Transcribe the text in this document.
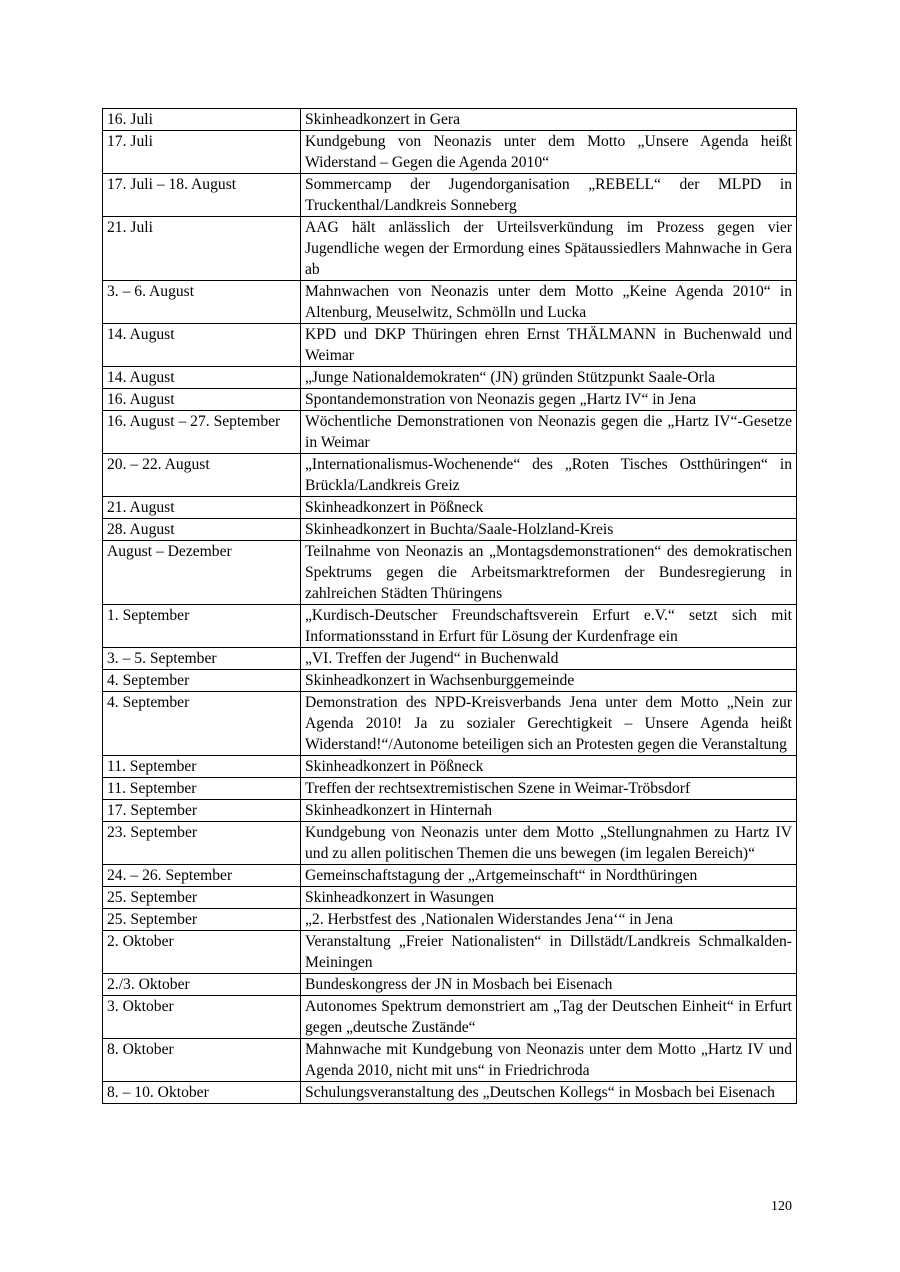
16. Juli	Skinheadkonzert in Gera
17. Juli	Kundgebung von Neonazis unter dem Motto „Unsere Agenda heißt Widerstand – Gegen die Agenda 2010“
17. Juli – 18. August	Sommercamp der Jugendorganisation „REBELL“ der MLPD in Truckenthal/Landkreis Sonneberg
21. Juli	AAG hält anlässlich der Urteilsverkündung im Prozess gegen vier Jugendliche wegen der Ermordung eines Spätaussiedlers Mahnwache in Gera ab
3. – 6. August	Mahnwachen von Neonazis unter dem Motto „Keine Agenda 2010“ in Altenburg, Meuselwitz, Schmölln und Lucka
14. August	KPD und DKP Thüringen ehren Ernst THÄLMANN in Buchenwald und Weimar
14. August	„Junge Nationaldemokraten“ (JN) gründen Stützpunkt Saale-Orla
16. August	Spontandemonstration von Neonazis gegen „Hartz IV“ in Jena
16. August – 27. September	Wöchentliche Demonstrationen von Neonazis gegen die „Hartz IV“-Gesetze in Weimar
20. – 22. August	„Internationalismus-Wochenende“ des „Roten Tisches Ostthüringen“ in Brückla/Landkreis Greiz
21. August	Skinheadkonzert in Pößneck
28. August	Skinheadkonzert in Buchta/Saale-Holzland-Kreis
August – Dezember	Teilnahme von Neonazis an „Montagsdemonstrationen“ des demokratischen Spektrums gegen die Arbeitsmarktreformen der Bundesregierung in zahlreichen Städten Thüringens
1. September	„Kurdisch-Deutscher Freundschaftsverein Erfurt e.V.“ setzt sich mit Informationsstand in Erfurt für Lösung der Kurdenfrage ein
3. – 5. September	„VI. Treffen der Jugend“ in Buchenwald
4. September	Skinheadkonzert in Wachsenburggemeinde
4. September	Demonstration des NPD-Kreisverbands Jena unter dem Motto „Nein zur Agenda 2010! Ja zu sozialer Gerechtigkeit – Unsere Agenda heißt Widerstand!“/Autonome beteiligen sich an Protesten gegen die Veranstaltung
11. September	Skinheadkonzert in Pößneck
11. September	Treffen der rechtsextremistischen Szene in Weimar-Tröbsdorf
17. September	Skinheadkonzert in Hinternah
23. September	Kundgebung von Neonazis unter dem Motto „Stellungnahmen zu Hartz IV und zu allen politischen Themen die uns bewegen (im legalen Bereich)“
24. – 26. September	Gemeinschaftstagung der „Artgemeinschaft“ in Nordthüringen
25. September	Skinheadkonzert in Wasungen
25. September	„2. Herbstfest des ‚Nationalen Widerstandes Jena‘“ in Jena
2. Oktober	Veranstaltung „Freier Nationalisten“ in Dillstädt/Landkreis Schmalkalden-Meiningen
2./3. Oktober	Bundeskongress der JN in Mosbach bei Eisenach
3. Oktober	Autonomes Spektrum demonstriert am „Tag der Deutschen Einheit“ in Erfurt gegen „deutsche Zustände“
8. Oktober	Mahnwache mit Kundgebung von Neonazis unter dem Motto „Hartz IV und Agenda 2010, nicht mit uns“ in Friedrichroda
8. – 10. Oktober	Schulungsveranstaltung des „Deutschen Kollegs“ in Mosbach bei Eisenach
120
